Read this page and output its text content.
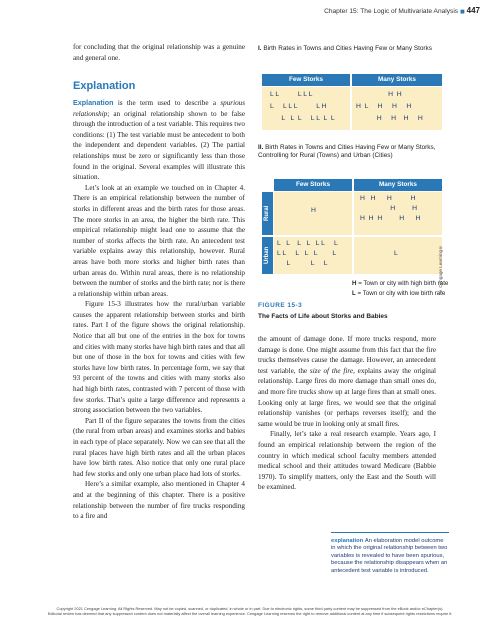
Chapter 15: The Logic of Multivariate Analysis ■ 447

for concluding that the original relationship was a genuine and general one.

Explanation

Explanation is the term used to describe a spurious relationship; an original relationship shown to be false through the introduction of a test variable. This requires two conditions: (1) The test variable must be antecedent to both the independent and dependent variables. (2) The partial relationships must be zero or significantly less than those found in the original. Several examples will illustrate this situation.

Let’s look at an example we touched on in Chapter 4. There is an empirical relationship between the number of storks in different areas and the birth rates for those areas. The more storks in an area, the higher the birth rate. This empirical relationship might lead one to assume that the number of storks affects the birth rate. An antecedent test variable explains away this relationship, however. Rural areas have both more storks and higher birth rates than urban areas do. Within rural areas, there is no relationship between the number of storks and the birth rate; nor is there a relationship within urban areas.

Figure 15-3 illustrates how the rural/urban variable causes the apparent relationship between storks and birth rates. Part I of the figure shows the original relationship. Notice that all but one of the entries in the box for towns and cities with many storks have high birth rates and that all but one of those in the box for towns and cities with few storks have low birth rates. In percentage form, we say that 93 percent of the towns and cities with many storks also had high birth rates, contrasted with 7 percent of those with few storks. That’s quite a large difference and represents a strong association between the two variables.

Part II of the figure separates the towns from the cities (the rural from urban areas) and examines storks and babies in each type of place separately. Now we can see that all the rural places have high birth rates and all the urban places have low birth rates. Also notice that only one rural place had few storks and only one urban place had lots of storks.

Here’s a similar example, also mentioned in Chapter 4 and at the beginning of this chapter. There is a positive relationship between the number of fire trucks responding to a fire and

I. Birth Rates in Towns and Cities Having Few or Many Storks
Few Storks	Many Storks
L L          L L L
L     L L L          L H
L   L  L     L L  L  L
H  H
H  L     H     H     H
H     H    H     H
II. Birth Rates in Towns and Cities Having Few or Many Storks, Controlling for Rural (Towns) and Urban (Cities)
Few Storks	Many Storks
Rural
Urban
H
H   H      H          H
H         H
H  H  H         H      H
L   L    L   L   L L     L
L L     L   L   L        L
L           L     L
L
H = Town or city with high birth rate
L = Town or city with low birth rate
© Cengage Learning®
FIGURE 15-3
The Facts of Life about Storks and Babies

the amount of damage done. If more trucks respond, more damage is done. One might assume from this fact that the fire trucks themselves cause the damage. However, an antecedent test variable, the size of the fire, explains away the original relationship. Large fires do more damage than small ones do, and more fire trucks show up at large fires than at small ones. Looking only at large fires, we would see that the original relationship vanishes (or perhaps reverses itself); and the same would be true in looking only at small fires.

Finally, let’s take a real research example. Years ago, I found an empirical relationship between the region of the country in which medical school faculty members attended medical school and their attitudes toward Medicare (Babbie 1970). To simplify matters, only the East and the South will be examined.

explanation An elaboration model outcome in which the original relationship between two variables is revealed to have been spurious, because the relationship disappears when an antecedent test variable is introduced.
Copyright 2021 Cengage Learning. All Rights Reserved. May not be copied, scanned, or duplicated, in whole or in part. Due to electronic rights, some third party content may be suppressed from the eBook and/or eChapter(s).
Editorial review has deemed that any suppressed content does not materially affect the overall learning experience. Cengage Learning reserves the right to remove additional content at any time if subsequent rights restrictions require it.
